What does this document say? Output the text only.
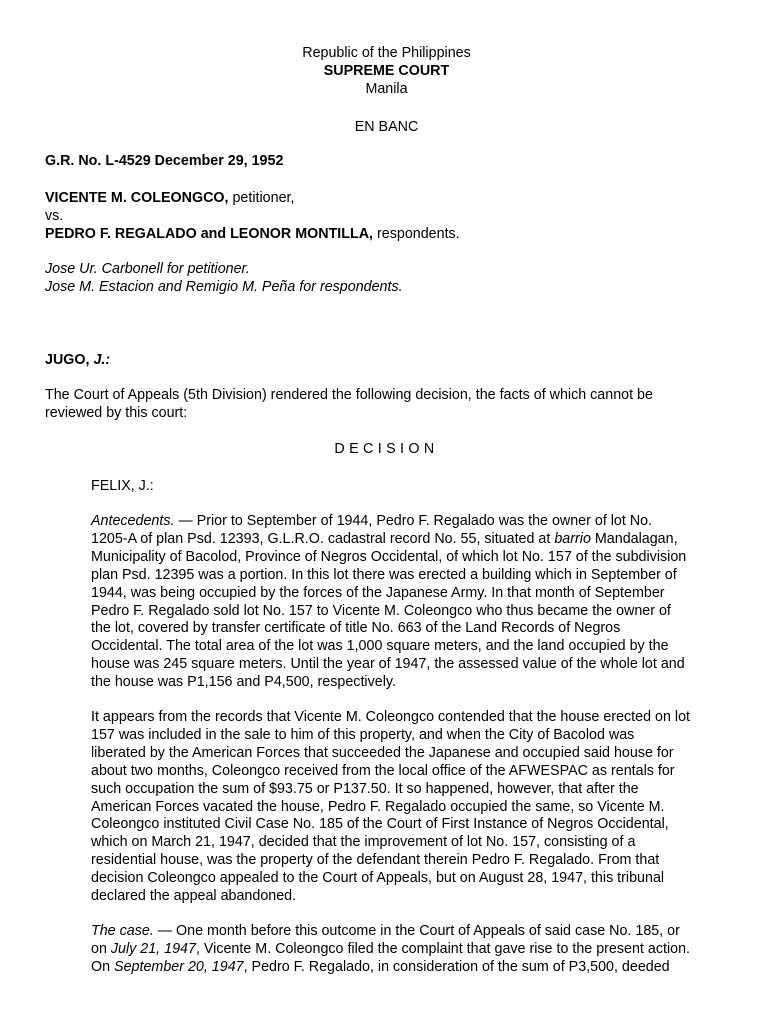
Republic of the Philippines
SUPREME COURT
Manila
EN BANC
G.R. No. L-4529 December 29, 1952
VICENTE M. COLEONGCO, petitioner,
vs.
PEDRO F. REGALADO and LEONOR MONTILLA, respondents.
Jose Ur. Carbonell for petitioner.
Jose M. Estacion and Remigio M. Peña for respondents.
JUGO, J.:
The Court of Appeals (5th Division) rendered the following decision, the facts of which cannot be
reviewed by this court:
DECISION
FELIX, J.:
Antecedents. — Prior to September of 1944, Pedro F. Regalado was the owner of lot No.
1205-A of plan Psd. 12393, G.L.R.O. cadastral record No. 55, situated at barrio Mandalagan,
Municipality of Bacolod, Province of Negros Occidental, of which lot No. 157 of the subdivision
plan Psd. 12395 was a portion. In this lot there was erected a building which in September of
1944, was being occupied by the forces of the Japanese Army. In that month of September
Pedro F. Regalado sold lot No. 157 to Vicente M. Coleongco who thus became the owner of
the lot, covered by transfer certificate of title No. 663 of the Land Records of Negros
Occidental. The total area of the lot was 1,000 square meters, and the land occupied by the
house was 245 square meters. Until the year of 1947, the assessed value of the whole lot and
the house was P1,156 and P4,500, respectively.
It appears from the records that Vicente M. Coleongco contended that the house erected on lot
157 was included in the sale to him of this property, and when the City of Bacolod was
liberated by the American Forces that succeeded the Japanese and occupied said house for
about two months, Coleongco received from the local office of the AFWESPAC as rentals for
such occupation the sum of $93.75 or P137.50. It so happened, however, that after the
American Forces vacated the house, Pedro F. Regalado occupied the same, so Vicente M.
Coleongco instituted Civil Case No. 185 of the Court of First Instance of Negros Occidental,
which on March 21, 1947, decided that the improvement of lot No. 157, consisting of a
residential house, was the property of the defendant therein Pedro F. Regalado. From that
decision Coleongco appealed to the Court of Appeals, but on August 28, 1947, this tribunal
declared the appeal abandoned.
The case. — One month before this outcome in the Court of Appeals of said case No. 185, or
on July 21, 1947, Vicente M. Coleongco filed the complaint that gave rise to the present action.
On September 20, 1947, Pedro F. Regalado, in consideration of the sum of P3,500, deeded
